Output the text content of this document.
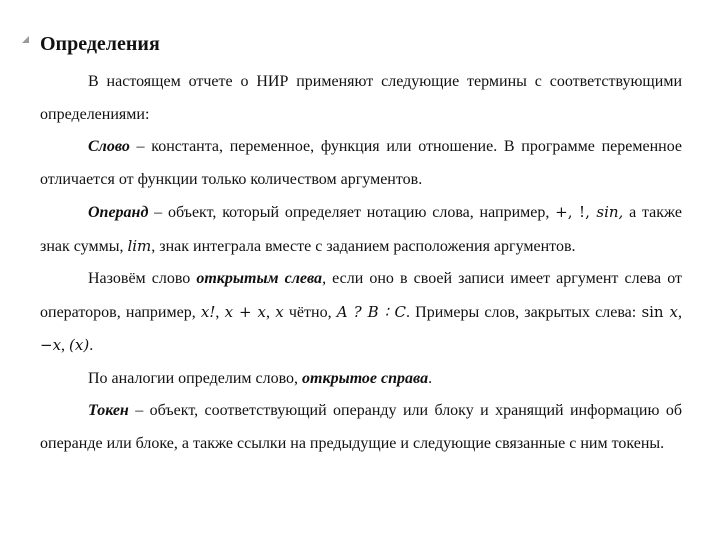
Определения

В настоящем отчете о НИР применяют следующие термины с соответствующими определениями:

Слово – константа, переменное, функция или отношение. В программе переменное отличается от функции только количеством аргументов.

Операнд – объект, который определяет нотацию слова, например, +, !, sin, а также знак суммы, lim, знак интеграла вместе с заданием расположения аргументов.

Назовём слово открытым слева, если оно в своей записи имеет аргумент слева от операторов, например, x!, x + x, x чётно, A ? B ∶ C. Примеры слов, закрытых слева: sin x, −x, (x).

По аналогии определим слово, открытое справа.

Токен – объект, соответствующий операнду или блоку и хранящий информацию об операнде или блоке, а также ссылки на предыдущие и следующие связанные с ним токены.
